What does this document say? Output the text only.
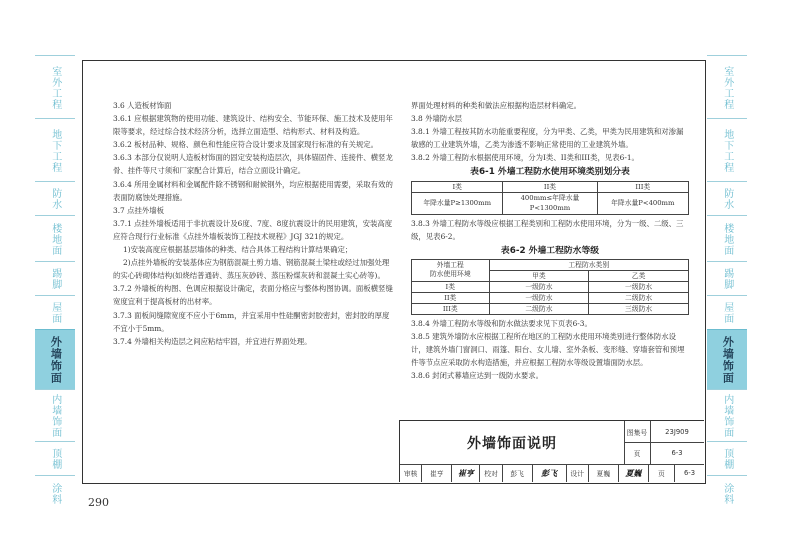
室外工程
地下工程
防水
楼地面
踢脚
屋面
外墙饰面
内墙饰面
顶棚
涂料
室外工程
地下工程
防水
楼地面
踢脚
屋面
外墙饰面
内墙饰面
顶棚
涂料

3.6 人造板材饰面

3.6.1 应根据建筑物的使用功能、建筑设计、结构安全、节能环保、施工技术及使用年限等要求，经过综合技术经济分析，选择立面造型、结构形式、材料及构造。

3.6.2 板材品种、规格、颜色和性能应符合设计要求及国家现行标准的有关规定。

3.6.3 本部分仅说明人造板材饰面的固定安装构造层次，具体锚固件、连接件、横竖龙骨、挂件等尺寸须和厂家配合计算后，结合立面设计确定。

3.6.4 所用金属材料和金属配件除不锈钢和耐候钢外，均应根据使用需要，采取有效的表面防腐蚀处理措施。

3.7 点挂外墙板

3.7.1 点挂外墙板适用于非抗震设计及6度、7度、8度抗震设计的民用建筑，安装高度应符合现行行业标准《点挂外墙板装饰工程技术规程》JGJ 321的规定。

1)安装高度应根据基层墙体的种类、结合具体工程结构计算结果确定；

2)点挂外墙板的安装基体应为钢筋混凝土剪力墙、钢筋混凝土梁柱或经过加强处理的实心砖砌体结构(如烧结普通砖、蒸压灰砂砖、蒸压粉煤灰砖和混凝土实心砖等)。

3.7.2 外墙板的构图、色调应根据设计确定，表面分格应与整体构图协调。面板横竖缝宽度宜利于提高板材的出材率。

3.7.3 面板间缝隙宽度不应小于6mm，并宜采用中性硅酮密封胶密封，密封胶的厚度不宜小于5mm。

3.7.4 外墙相关构造层之间应粘结牢固，并宜进行界面处理。

界面处理材料的种类和做法应根据构造层材料确定。

3.8 外墙防水层

3.8.1 外墙工程按其防水功能重要程度，分为甲类、乙类，甲类为民用建筑和对渗漏敏感的工业建筑外墙，乙类为渗透不影响正常使用的工业建筑外墙。

3.8.2 外墙工程防水根据使用环境，分为I类、II类和III类，见表6-1。

表6-1 外墙工程防水使用环境类别划分表
I类	II类	III类
年降水量P≥1300mm	400mm≤年降水量P<1300mm	年降水量P<400mm

3.8.3 外墙工程防水等级应根据工程类别和工程防水使用环境，分为一级、二级、三级，见表6-2。

表6-2 外墙工程防水等级
外墙工程
防水使用环境	工程防水类别	
	甲类	乙类
I类	一级防水	一级防水
II类	一级防水	二级防水
III类	二级防水	三级防水

3.8.4 外墙工程防水等级和防水做法要求见下页表6-3。

3.8.5 建筑外墙防水应根据工程所在地区的工程防水使用环境类别进行整体防水设计，建筑外墙门窗洞口、雨篷、阳台、女儿墙、室外条板、变形缝、穿墙套管和预埋件等节点应采取防水构造措施，并应根据工程防水等级设置墙面防水层。

3.8.6 封闭式幕墙应达到一级防水要求。

外墙饰面说明
图集号	23J909
页	6-3
审核	崔亨	崔亨	校对	彭飞	彭飞	设计	夏巍	夏巍	页	6-3
290
